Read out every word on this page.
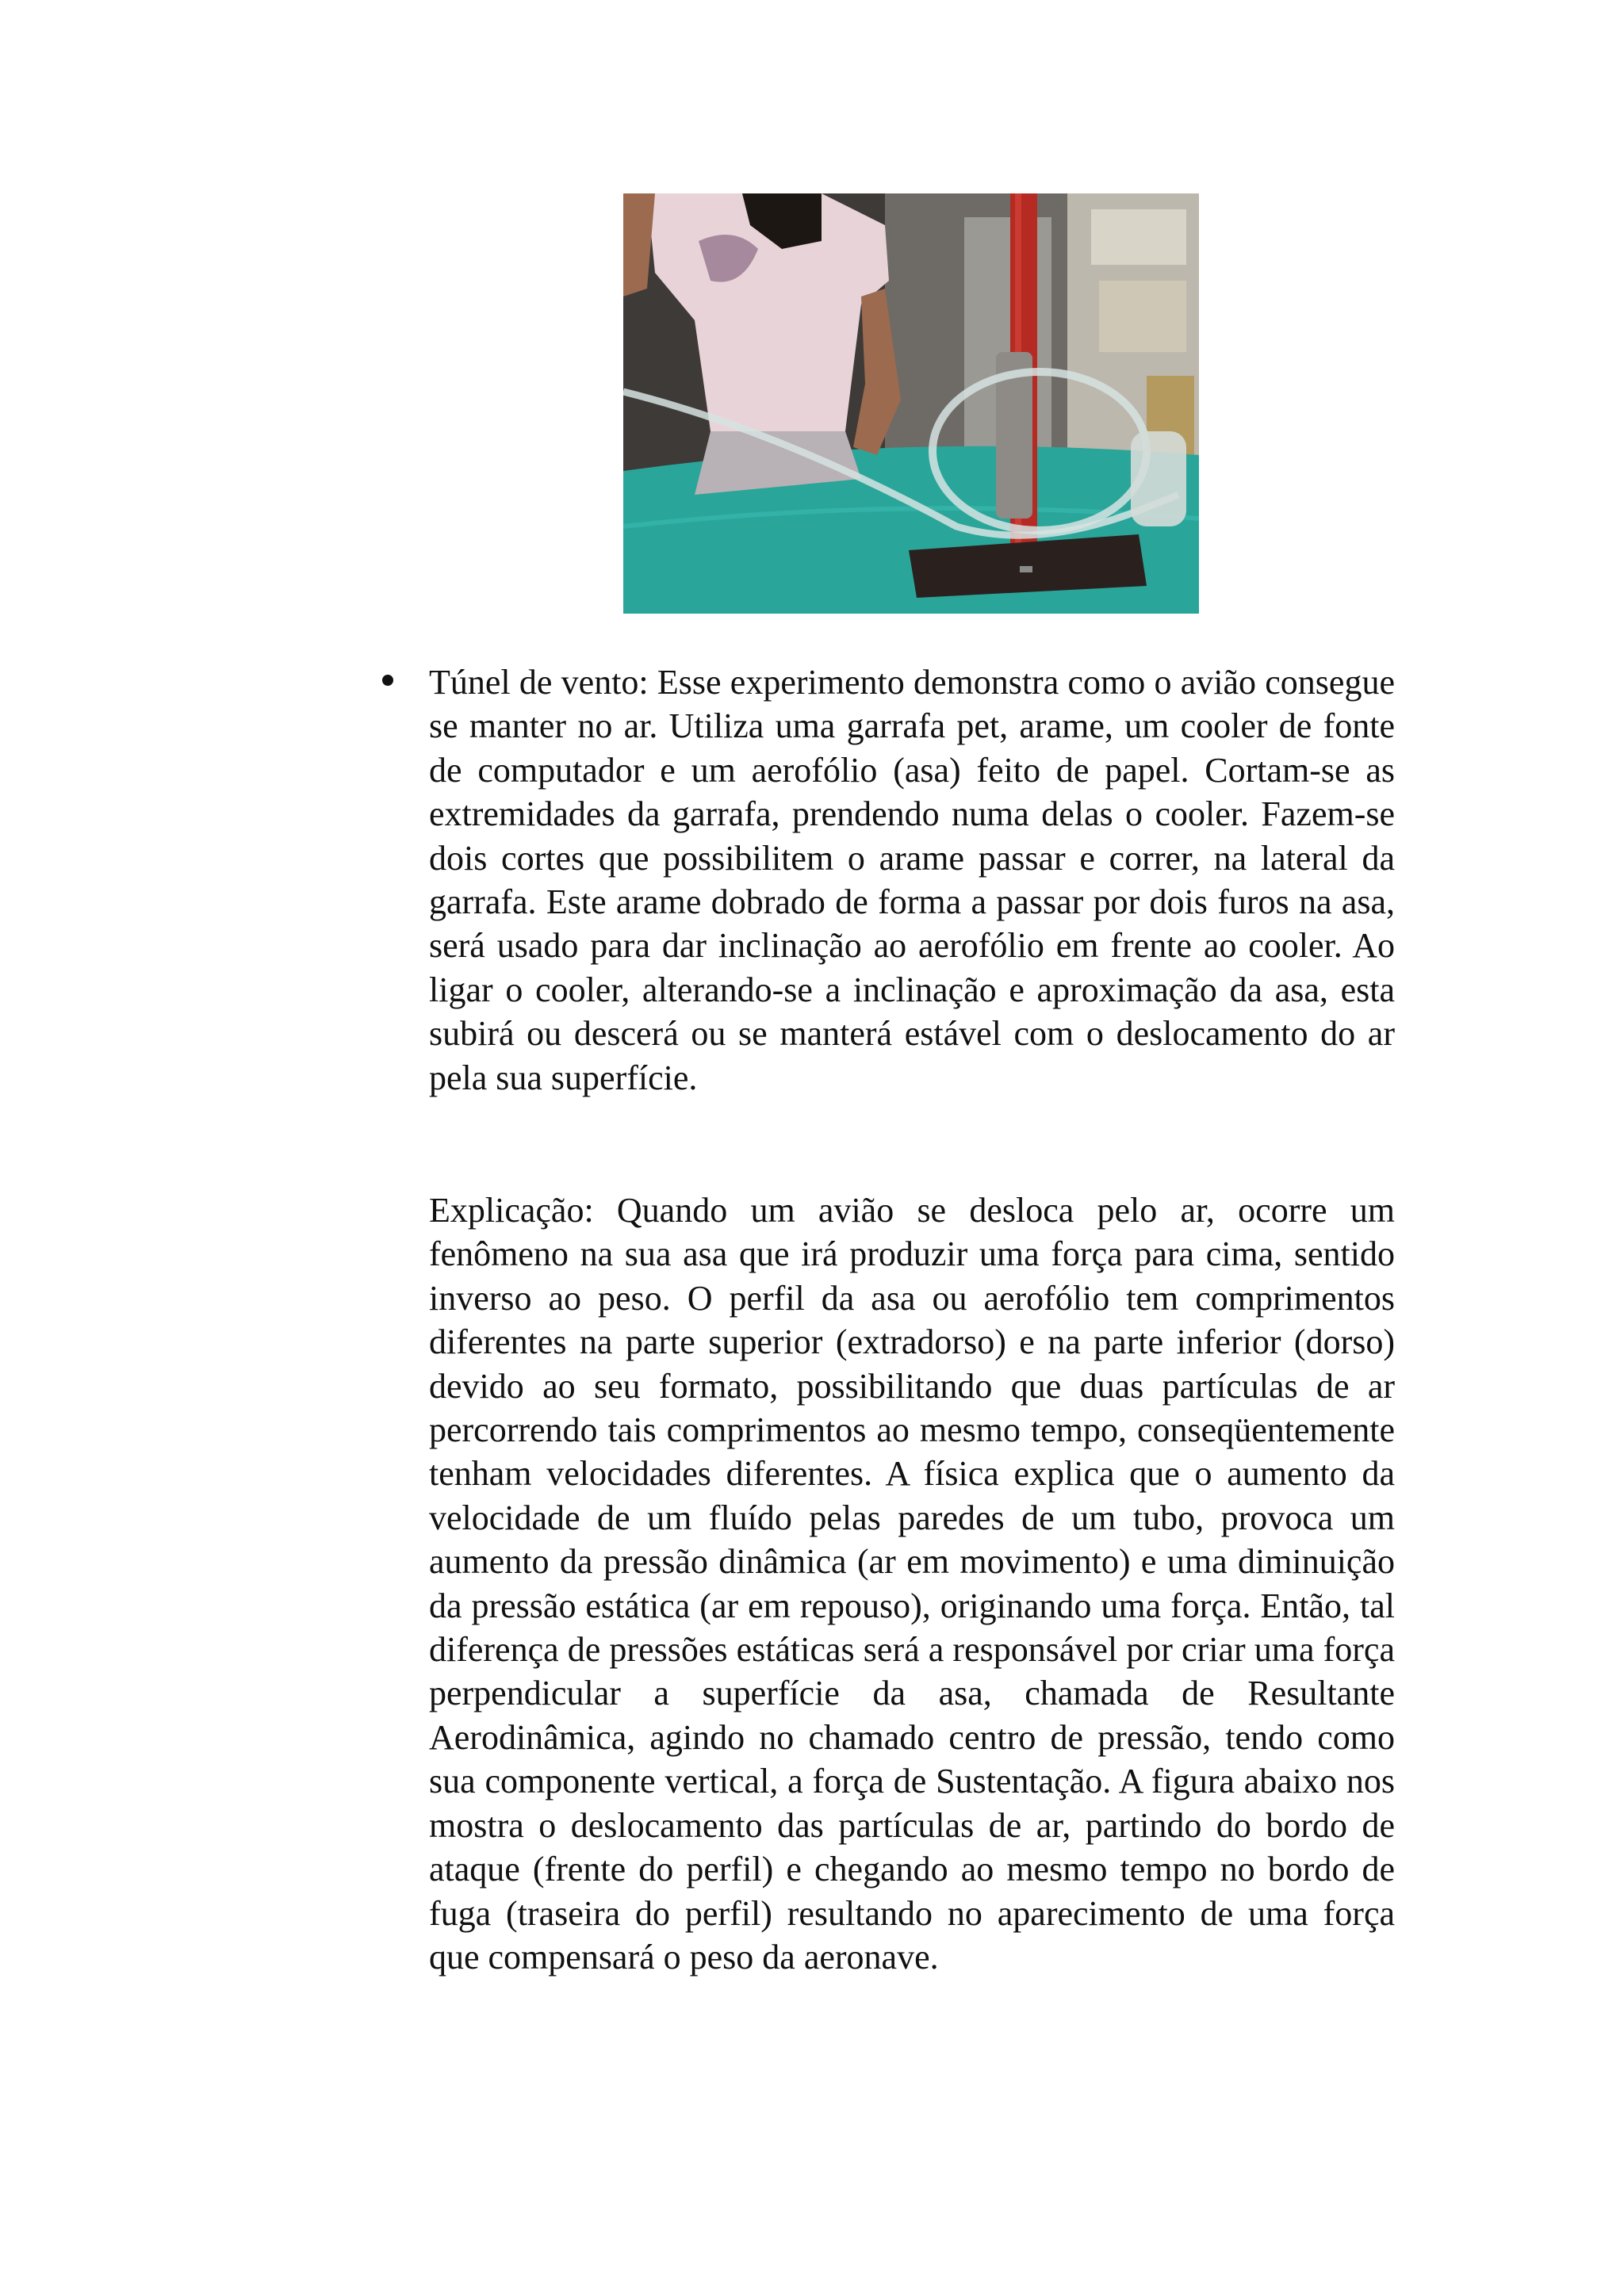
Túnel de vento: Esse experimento demonstra como o avião consegue se manter no ar. Utiliza uma garrafa pet, arame, um cooler de fonte de computador e um aerofólio (asa) feito de papel. Cortam-se as extremidades da garrafa, prendendo numa delas o cooler. Fazem-se dois cortes que possibilitem o arame passar e correr, na lateral da garrafa. Este arame dobrado de forma a passar por dois furos na asa, será usado para dar inclinação ao aerofólio em frente ao cooler. Ao ligar o cooler, alterando-se a inclinação e aproximação da asa, esta subirá ou descerá ou se manterá estável com o deslocamento do ar pela sua superfície.

Explicação: Quando um avião se desloca pelo ar, ocorre um fenômeno na sua asa que irá produzir uma força para cima, sentido inverso ao peso. O perfil da asa ou aerofólio tem comprimentos diferentes na parte superior (extradorso) e na parte inferior (dorso) devido ao seu formato, possibilitando que duas partículas de ar percorrendo tais comprimentos ao mesmo tempo, conseqüentemente tenham velocidades diferentes. A física explica que o aumento da velocidade de um fluído pelas paredes de um tubo, provoca um aumento da pressão dinâmica (ar em movimento) e uma diminuição da pressão estática (ar em repouso), originando uma força. Então, tal diferença de pressões estáticas será a responsável por criar uma força perpendicular a superfície da asa, chamada de Resultante Aerodinâmica, agindo no chamado centro de pressão, tendo como sua componente vertical, a força de Sustentação. A figura abaixo nos mostra o deslocamento das partículas de ar, partindo do bordo de ataque (frente do perfil) e chegando ao mesmo tempo no bordo de fuga (traseira do perfil) resultando no aparecimento de uma força que compensará o peso da aeronave.
